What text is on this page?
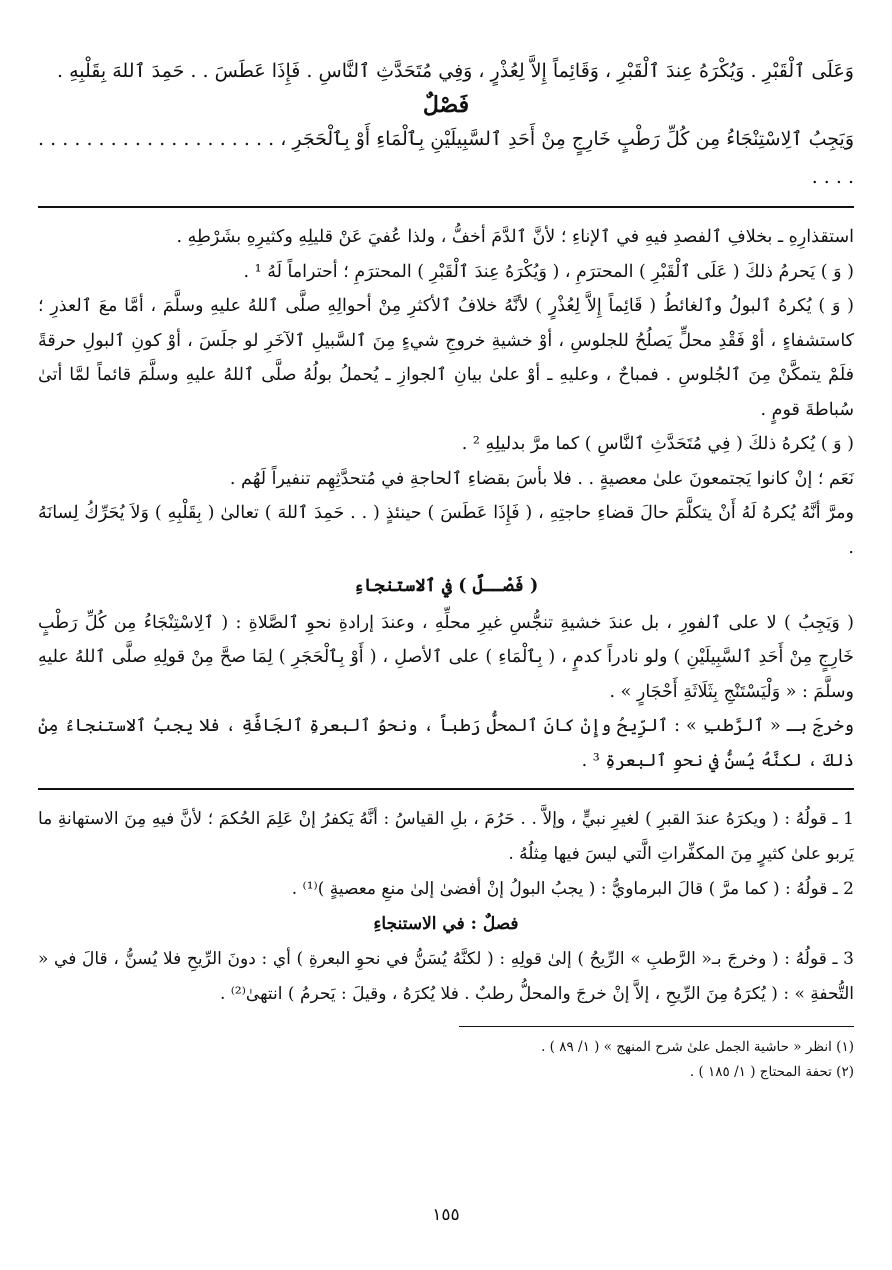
وَعَلَى ٱلْقَبْرِ . وَيُكْرَهُ عِندَ ٱلْقَبْرِ ، وَقَائِماً إِلاَّ لِعُذْرٍ ، وَفِي مُتَحَدَّثِ ٱلنَّاسِ . فَإِذَا عَطَسَ . . حَمِدَ ٱللهَ بِقَلْبِهِ .

فَصْلٌ

وَيَجِبُ ٱلِاسْتِنْجَاءُ مِن كُلِّ رَطْبٍ خَارِجٍ مِنْ أَحَدِ ٱلسَّبِيلَيْنِ بِٱلْمَاءِ أَوْ بِٱلْحَجَرِ ، . . . . . . . . . . . . . . . . . . . . . . . .

استقذارِهِ ـ بخلافِ ٱلفصدِ فيهِ في ٱلإناءِ ؛ لأنَّ ٱلدَّمَ أخفُّ ، ولذا عُفيَ عَنْ قليلِهِ وكثيرِهِ بشَرْطِهِ .

( وَ ) يَحرمُ ذلكَ ( عَلَى ٱلْقَبْرِ ) المحترَمِ ، ( وَيُكْرَهُ عِندَ ٱلْقَبْرِ ) المحترَمِ ؛ أحتراماً لَهُ ¹ .

( وَ ) يُكرهُ ٱلبولُ وٱلغائطُ ( قَائِماً إِلاَّ لِعُذْرٍ ) لأنَّهُ خلافُ ٱلأكثرِ مِنْ أحوالِهِ صلَّى ٱللهُ عليهِ وسلَّمَ ، أمَّا معَ ٱلعذرِ ؛ كاستشفاءٍ ، أوْ فَقْدِ محلٍّ يَصلُحُ للجلوسِ ، أوْ خشيةِ خروجِ شيءٍ مِنَ ٱلسَّبيلِ ٱلآخَرِ لو جلَسَ ، أوْ كونِ ٱلبولِ حرقةً فلَمْ يتمكَّنْ مِنَ ٱلجُلوسِ . فمباحٌ ، وعليهِ ـ أوْ علىٰ بيانِ ٱلجوازِ ـ يُحملُ بولُهُ صلَّى ٱللهُ عليهِ وسلَّمَ قائماً لمَّا أتىٰ سُباطةَ قومٍ .

( وَ ) يُكرهُ ذلكَ ( فِي مُتَحَدَّثِ ٱلنَّاسِ ) كما مرَّ بدليلِهِ ² .

نَعَم ؛ إنْ كانوا يَجتمعونَ علىٰ معصيةٍ . . فلا بأسَ بقضاءِ ٱلحاجةِ في مُتحدَّثِهِم تنفيراً لَهُم .

ومرَّ أنَّهُ يُكرهُ لَهُ أَنْ يتكلَّمَ حالَ قضاءِ حاجتِهِ ، ( فَإِذَا عَطَسَ ) حينئذٍ ( . . حَمِدَ ٱللهَ ) تعالىٰ ( بِقَلْبِهِ ) وَلاَ يُحَرِّكُ لِسانَهُ .

( فَصْــلٌ ) في ٱلاستنجاءِ

( وَيَجِبُ ) لا على ٱلفورِ ، بل عندَ خشيةِ تنجُّسِ غيرِ محلِّهِ ، وعندَ إرادةِ نحوِ ٱلصَّلاةِ : ( ٱلِاسْتِنْجَاءُ مِن كُلِّ رَطْبٍ خَارِجٍ مِنْ أَحَدِ ٱلسَّبِيلَيْنِ ) ولو نادراً كدمٍ ، ( بِٱلْمَاءِ ) على ٱلأصلِ ، ( أَوْ بِٱلْحَجَرِ ) لِمَا صحَّ مِنْ قولِهِ صلَّى ٱللهُ عليهِ وسلَّمَ : « وَلْيَسْتَنْجِ بِثَلَاثَةِ أَحْجَارٍ » .

وخرجَ بـ « ٱلرَّطبِ » : ٱلرِّيحُ وإِنْ كانَ ٱلمحلُّ رَطباً ، ونحوُ ٱلبعرةِ ٱلجَافَّةِ ، فلا يجبُ ٱلاستنجاءُ مِنْ ذلكَ ، لكنَّهُ يُسنُّ في نحوِ ٱلبعرةِ ³ .

1 ـ قولُهُ : ( ويكرَهُ عندَ القبرِ ) لغيرِ نبيٍّ ، وإلاَّ . . حَرُمَ ، بلِ القياسُ : أنَّهُ يَكفرُ إنْ عَلِمَ الحُكمَ ؛ لأنَّ فيهِ مِنَ الاستهانةِ ما يَربو علىٰ كثيرٍ مِنَ المكفِّراتِ الَّتي ليسَ فيها مِثلُهُ .

2 ـ قولُهُ : ( كما مرَّ ) قالَ البرماويُّ : ( يجبُ البولُ إنْ أفضىٰ إلىٰ منعِ معصيةٍ )⁽¹⁾ .

فصلٌ : في الاستنجاءِ

3 ـ قولُهُ : ( وخرجَ بـ« الرَّطبِ » الرِّيحُ ) إلىٰ قولِهِ : ( لكنَّهُ يُسَنُّ في نحوِ البعرةِ ) أي : دونَ الرِّيحِ فلا يُسنُّ ، قالَ في « التُّحفةِ » : ( يُكرَهُ مِنَ الرِّيحِ ، إلاَّ إنْ خرجَ والمحلُّ رطبٌ . فلا يُكرَهُ ، وقيلَ : يَحرمُ ) انتهىٰ⁽²⁾ .

(١) انظر « حاشية الجمل علىٰ شرح المنهج » ( ١/ ٨٩ ) .

(٢) تحفة المحتاج ( ١/ ١٨٥ ) .

١٥٥
